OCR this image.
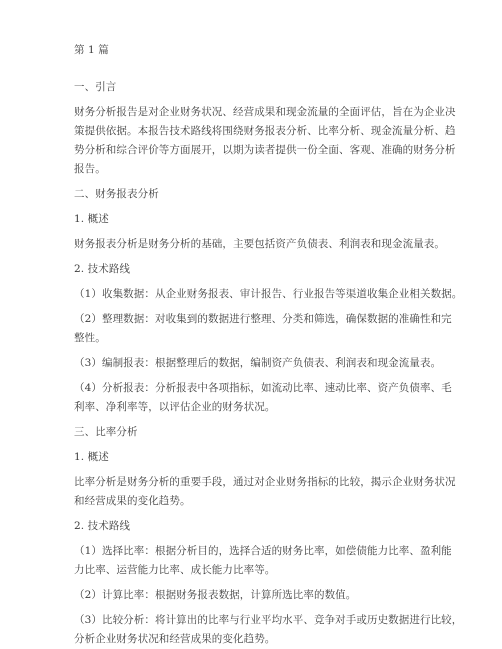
第 1 篇
一、引言
财务分析报告是对企业财务状况、经营成果和现金流量的全面评估，旨在为企业决
策提供依据。本报告技术路线将围绕财务报表分析、比率分析、现金流量分析、趋
势分析和综合评价等方面展开，以期为读者提供一份全面、客观、准确的财务分析
报告。
二、财务报表分析
1. 概述
财务报表分析是财务分析的基础，主要包括资产负债表、利润表和现金流量表。
2. 技术路线
（1）收集数据：从企业财务报表、审计报告、行业报告等渠道收集企业相关数据。
（2）整理数据：对收集到的数据进行整理、分类和筛选，确保数据的准确性和完
整性。
（3）编制报表：根据整理后的数据，编制资产负债表、利润表和现金流量表。
（4）分析报表：分析报表中各项指标，如流动比率、速动比率、资产负债率、毛
利率、净利率等，以评估企业的财务状况。
三、比率分析
1. 概述
比率分析是财务分析的重要手段，通过对企业财务指标的比较，揭示企业财务状况
和经营成果的变化趋势。
2. 技术路线
（1）选择比率：根据分析目的，选择合适的财务比率，如偿债能力比率、盈利能
力比率、运营能力比率、成长能力比率等。
（2）计算比率：根据财务报表数据，计算所选比率的数值。
（3）比较分析：将计算出的比率与行业平均水平、竞争对手或历史数据进行比较，
分析企业财务状况和经营成果的变化趋势。
